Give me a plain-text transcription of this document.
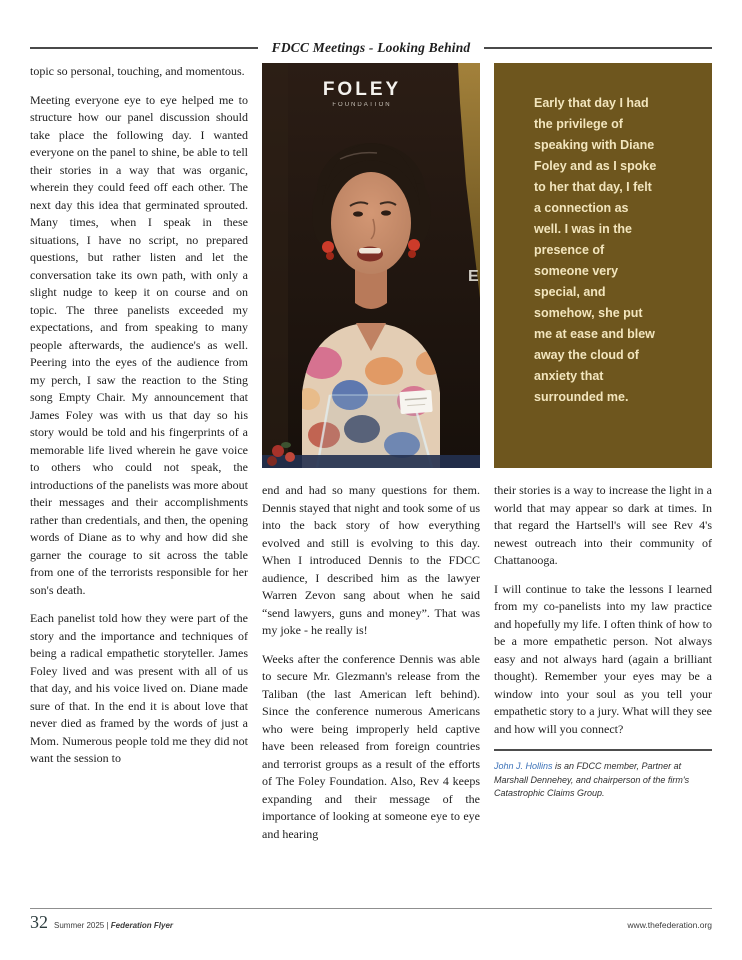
FDCC Meetings - Looking Behind

topic so personal, touching, and momentous.

Meeting everyone eye to eye helped me to structure how our panel discussion should take place the following day. I wanted everyone on the panel to shine, be able to tell their stories in a way that was organic, wherein they could feed off each other. The next day this idea that germinated sprouted. Many times, when I speak in these situations, I have no script, no prepared questions, but rather listen and let the conversation take its own path, with only a slight nudge to keep it on course and on topic. The three panelists exceeded my expectations, and from speaking to many people afterwards, the audience's as well. Peering into the eyes of the audience from my perch, I saw the reaction to the Sting song Empty Chair. My announcement that James Foley was with us that day so his story would be told and his fingerprints of a memorable life lived wherein he gave voice to others who could not speak, the introductions of the panelists was more about their messages and their accomplishments rather than credentials, and then, the opening words of Diane as to why and how did she garner the courage to sit across the table from one of the terrorists responsible for her son's death.

Each panelist told how they were part of the story and the importance and techniques of being a radical empathetic storyteller. James Foley lived and was present with all of us that day, and his voice lived on. Diane made sure of that. In the end it is about love that never died as framed by the words of just a Mom. Numerous people told me they did not want the session to

FOLEY
FOUNDATION
E

end and had so many questions for them. Dennis stayed that night and took some of us into the back story of how everything evolved and still is evolving to this day. When I introduced Dennis to the FDCC audience, I described him as the lawyer Warren Zevon sang about when he said “send lawyers, guns and money”. That was my joke - he really is!

Weeks after the conference Dennis was able to secure Mr. Glezmann's release from the Taliban (the last American left behind). Since the conference numerous Americans who were being improperly held captive have been released from foreign countries and terrorist groups as a result of the efforts of The Foley Foundation. Also, Rev 4 keeps expanding and their message of the importance of looking at someone eye to eye and hearing

Early that day I had the privilege of speaking with Diane Foley and as I spoke to her that day, I felt a connection as well. I was in the presence of someone very special, and somehow, she put me at ease and blew away the cloud of anxiety that surrounded me.

their stories is a way to increase the light in a world that may appear so dark at times. In that regard the Hartsell's will see Rev 4's newest outreach into their community of Chattanooga.

I will continue to take the lessons I learned from my co-panelists into my law practice and hopefully my life. I often think of how to be a more empathetic person. Not always easy and not always hard (again a brilliant thought). Remember your eyes may be a window into your soul as you tell your empathetic story to a jury. What will they see and how will you connect?

John J. Hollins is an FDCC member, Partner at Marshall Dennehey, and chairperson of the firm's Catastrophic Claims Group.

32 Summer 2025 | Federation Flyer	www.thefederation.org
